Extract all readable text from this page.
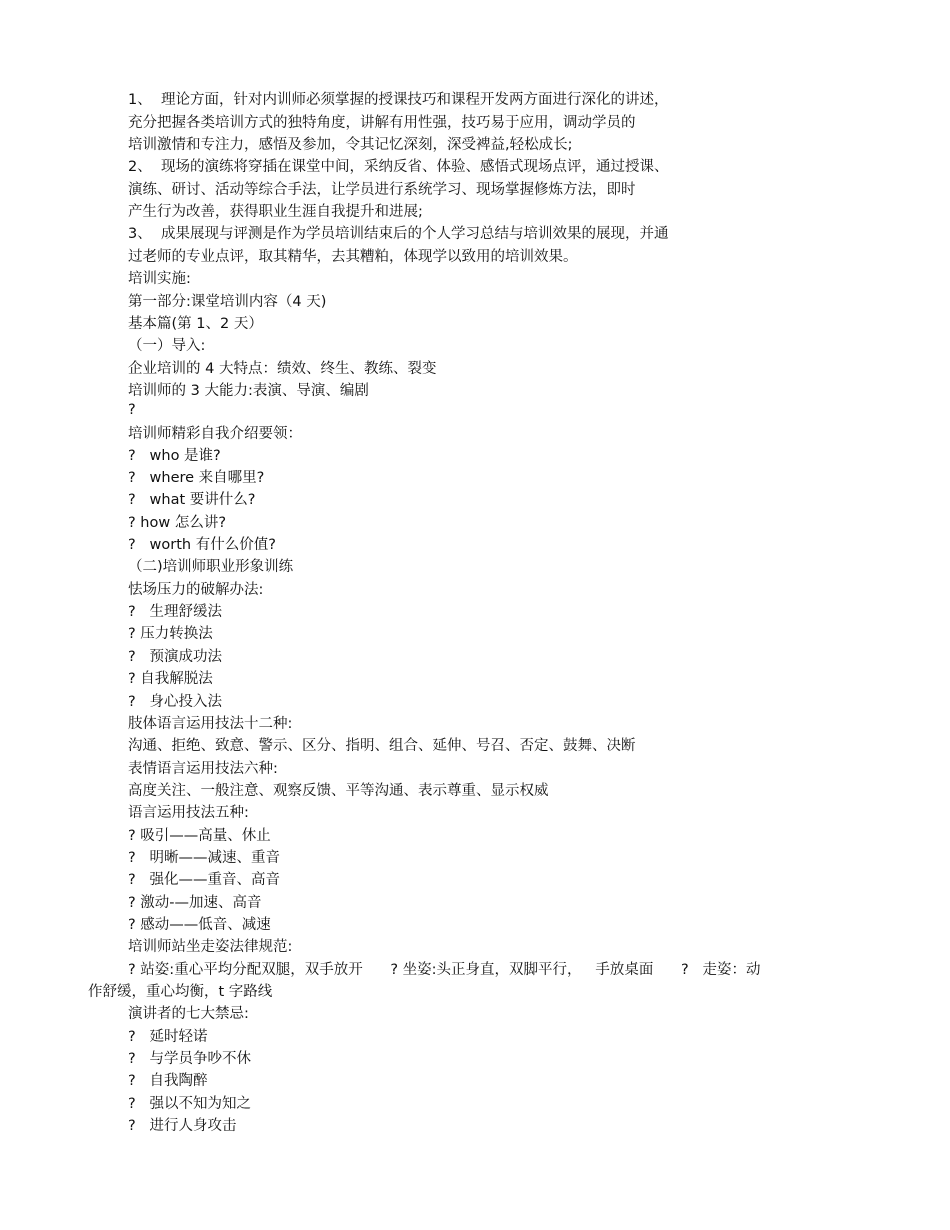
1、  理论方面，针对内训师必须掌握的授课技巧和课程开发两方面进行深化的讲述，
充分把握各类培训方式的独特角度，讲解有用性强，技巧易于应用，调动学员的
培训激情和专注力，感悟及参加，令其记忆深刻，深受裨益,轻松成长;
2、  现场的演练将穿插在课堂中间，采纳反省、体验、感悟式现场点评，通过授课、
演练、研讨、活动等综合手法，让学员进行系统学习、现场掌握修炼方法，即时
产生行为改善，获得职业生涯自我提升和进展;
3、  成果展现与评测是作为学员培训结束后的个人学习总结与培训效果的展现，并通
过老师的专业点评，取其精华，去其糟粕，体现学以致用的培训效果。
培训实施:
第一部分:课堂培训内容（4 天)
基本篇(第 1、2 天）
（一）导入:
企业培训的 4 大特点：绩效、终生、教练、裂变
培训师的 3 大能力:表演、导演、编剧
?
培训师精彩自我介绍要领：
?   who 是谁?
?   where 来自哪里?
?   what 要讲什么?
? how 怎么讲?
?   worth 有什么价值?
（二)培训师职业形象训练
怯场压力的破解办法:
?   生理舒缓法
? 压力转换法
?   预演成功法
? 自我解脱法
?   身心投入法
肢体语言运用技法十二种:
沟通、拒绝、致意、警示、区分、指明、组合、延伸、号召、否定、鼓舞、决断
表情语言运用技法六种:
高度关注、一般注意、观察反馈、平等沟通、表示尊重、显示权威
语言运用技法五种:
? 吸引——高量、休止
?   明晰——减速、重音
?   强化——重音、高音
? 激动-—加速、高音
? 感动——低音、减速
培训师站坐走姿法律规范:
? 站姿:重心平均分配双腿，双手放开      ? 坐姿:头正身直，双脚平行，   手放桌面      ?   走姿：动
作舒缓，重心均衡，t 字路线
演讲者的七大禁忌:
?   延时轻诺
?   与学员争吵不休
?   自我陶醉
?   强以不知为知之
?   进行人身攻击
